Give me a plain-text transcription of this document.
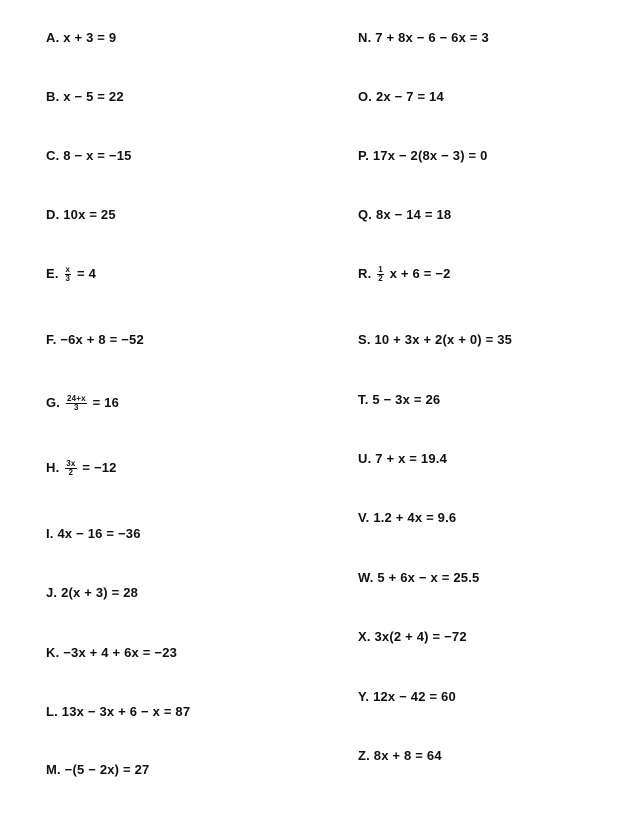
A. x + 3 = 9
B. x − 5 = 22
C. 8 − x = −15
D. 10x = 25
E. $\frac{x}{3} = 4$
F. −6x + 8 = −52
G. $\frac{24+x}{3} = 16$
H. $\frac{3x}{2} = -12$
I. 4x − 16 = −36
J. 2(x + 3) = 28
K. −3x + 4 + 6x = −23
L. 13x − 3x + 6 − x = 87
M. −(5 − 2x) = 27
N. 7 + 8x − 6 − 6x = 3
O. 2x − 7 = 14
P. 17x − 2(8x − 3) = 0
Q. 8x − 14 = 18
R. $\frac{1}{2}$ x + 6 = −2
S. 10 + 3x + 2(x + 0) = 35
T. 5 − 3x = 26
U. 7 + x = 19.4
V. 1.2 + 4x = 9.6
W. 5 + 6x − x = 25.5
X. 3x(2 + 4) = −72
Y. 12x − 42 = 60
Z. 8x + 8 = 64
